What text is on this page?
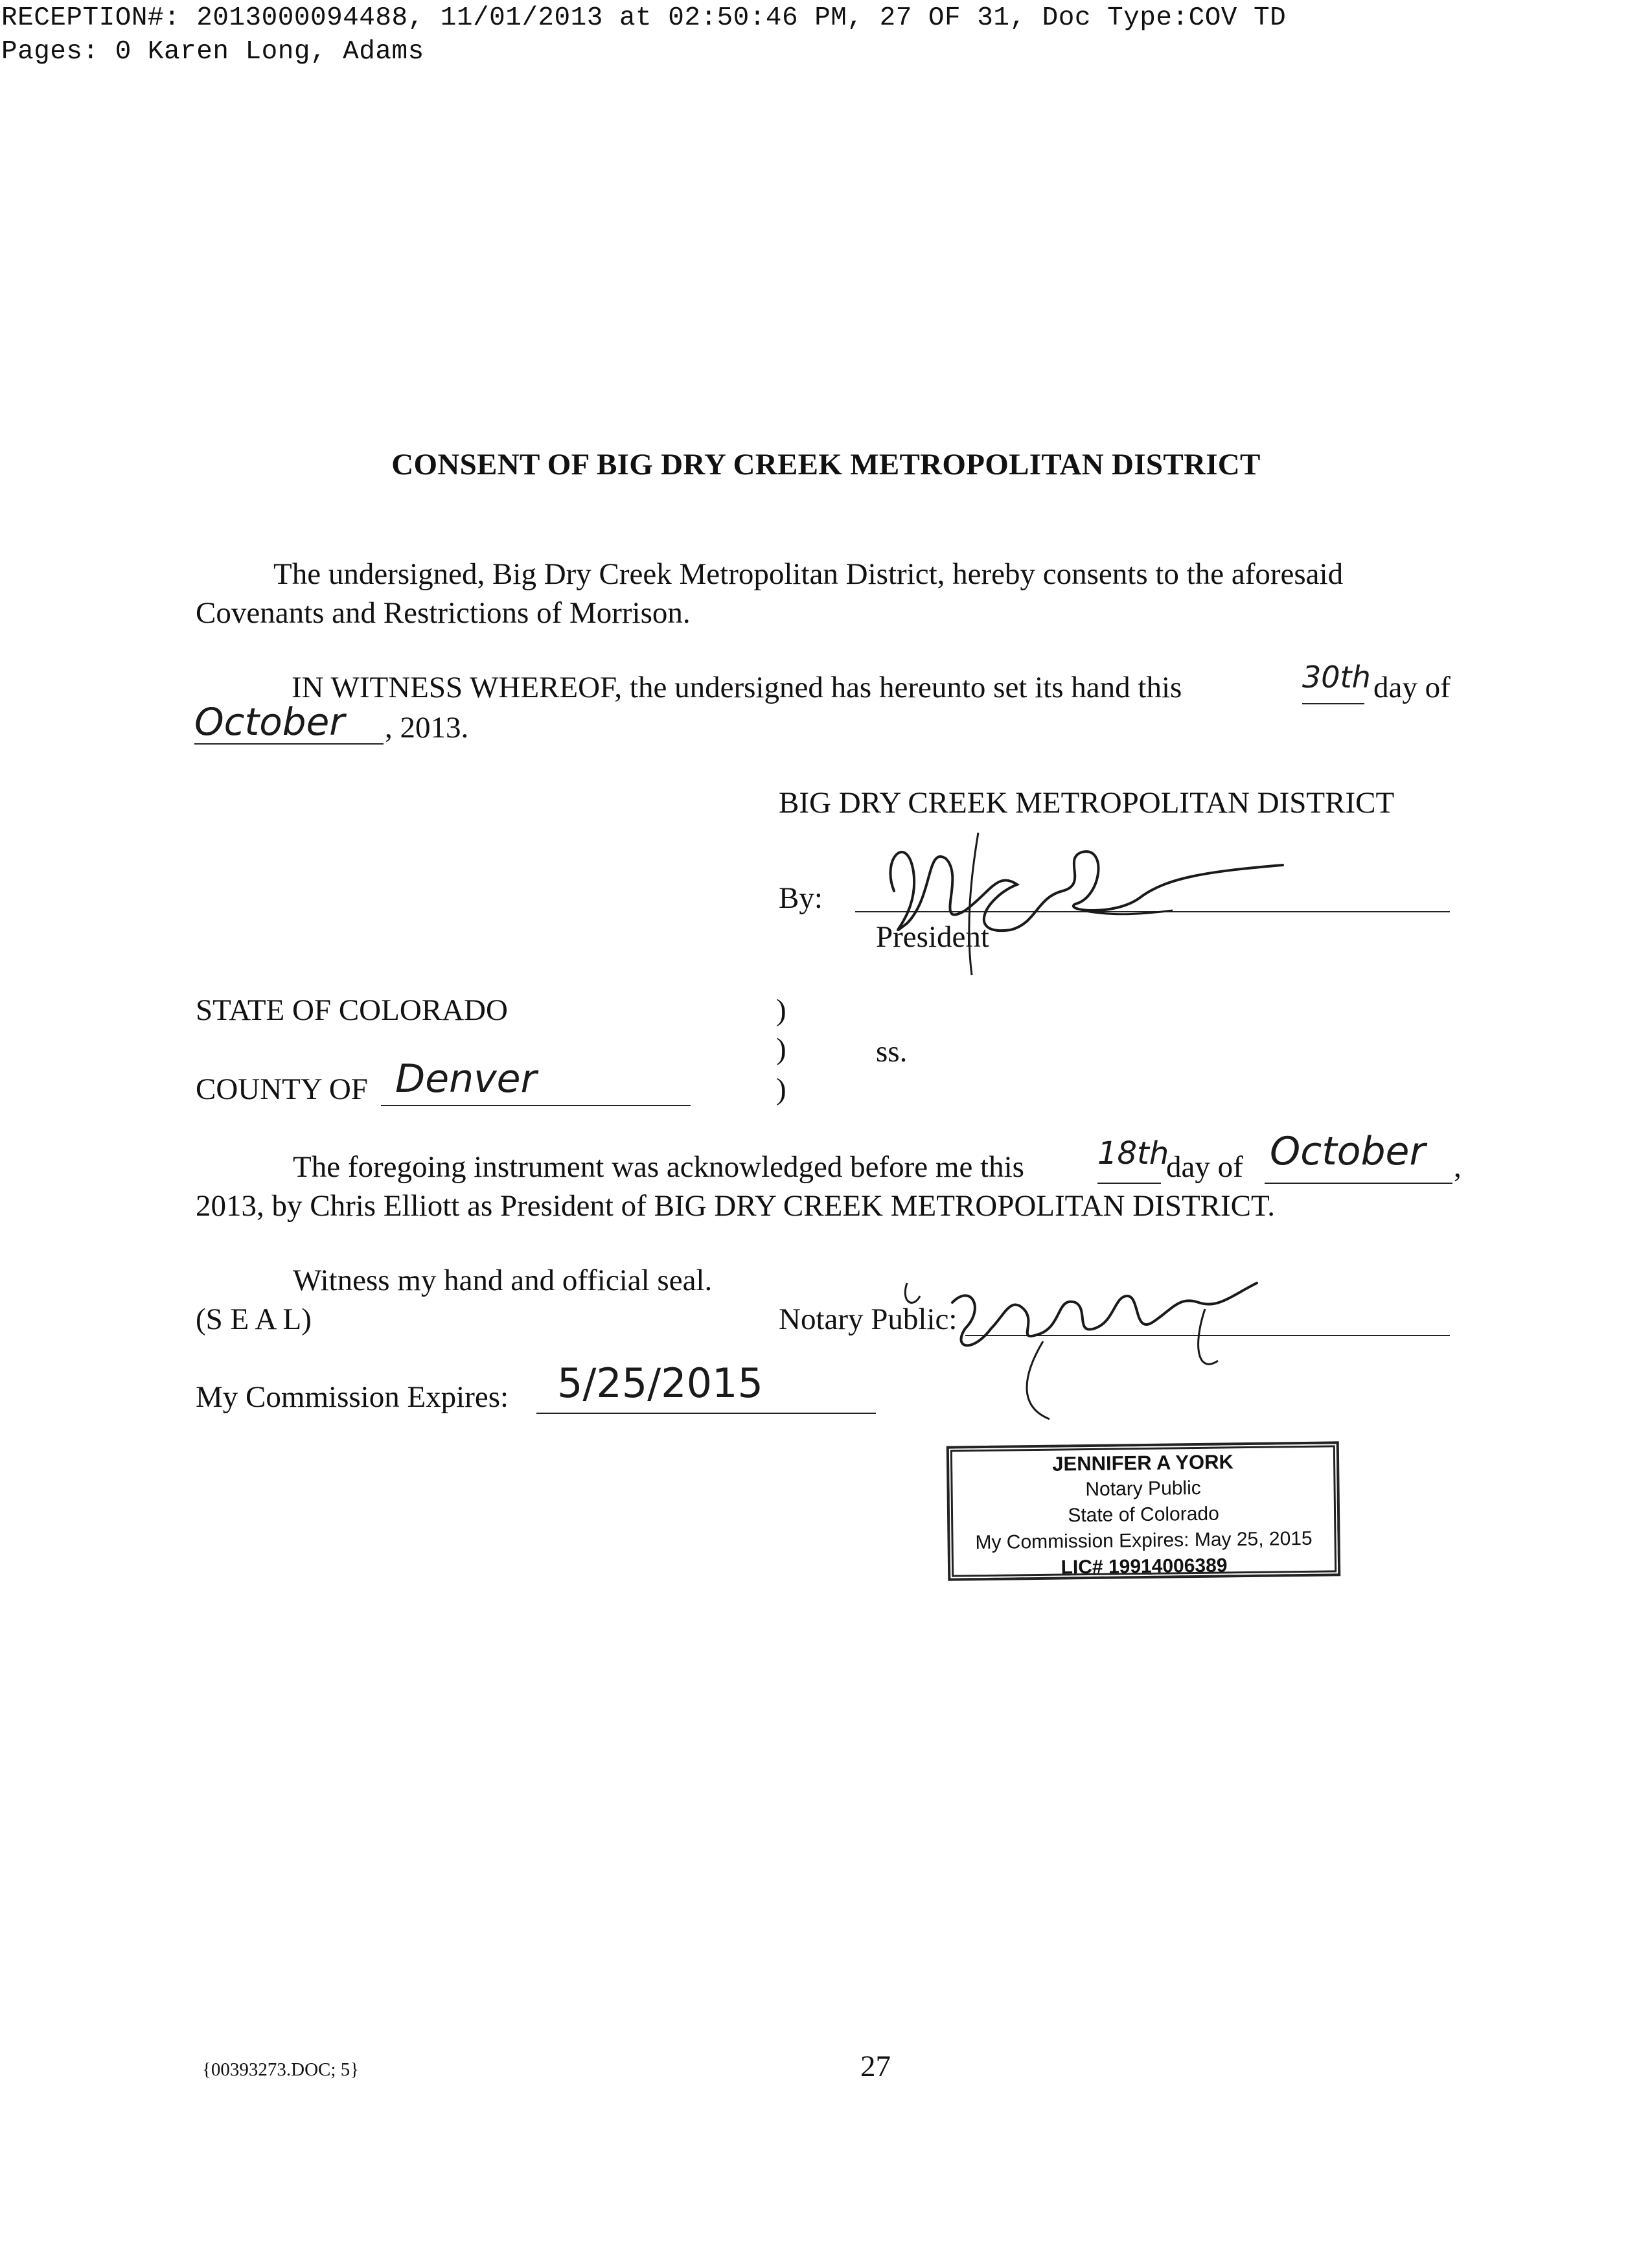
RECEPTION#: 2013000094488, 11/01/2013 at 02:50:46 PM, 27 OF 31, Doc Type:COV TD
Pages: 0 Karen Long, Adams
CONSENT OF BIG DRY CREEK METROPOLITAN DISTRICT
The undersigned, Big Dry Creek Metropolitan District, hereby consents to the aforesaid
Covenants and Restrictions of Morrison.
IN WITNESS WHEREOF, the undersigned has hereunto set its hand this	30th day of
October , 2013.
BIG DRY CREEK METROPOLITAN DISTRICT
By:
President
STATE OF COLORADO	)
)	ss.
)
COUNTY OF Denver
The foregoing instrument was acknowledged before me this 18th
day of October ,
2013, by Chris Elliott as President of BIG DRY CREEK METROPOLITAN DISTRICT.
Witness my hand and official seal.
(S E A L)	Notary Public:
My Commission Expires: 5/25/2015
JENNIFER A YORK
Notary Public
State of Colorado
My Commission Expires: May 25, 2015
LIC# 19914006389
{00393273.DOC; 5}	27
